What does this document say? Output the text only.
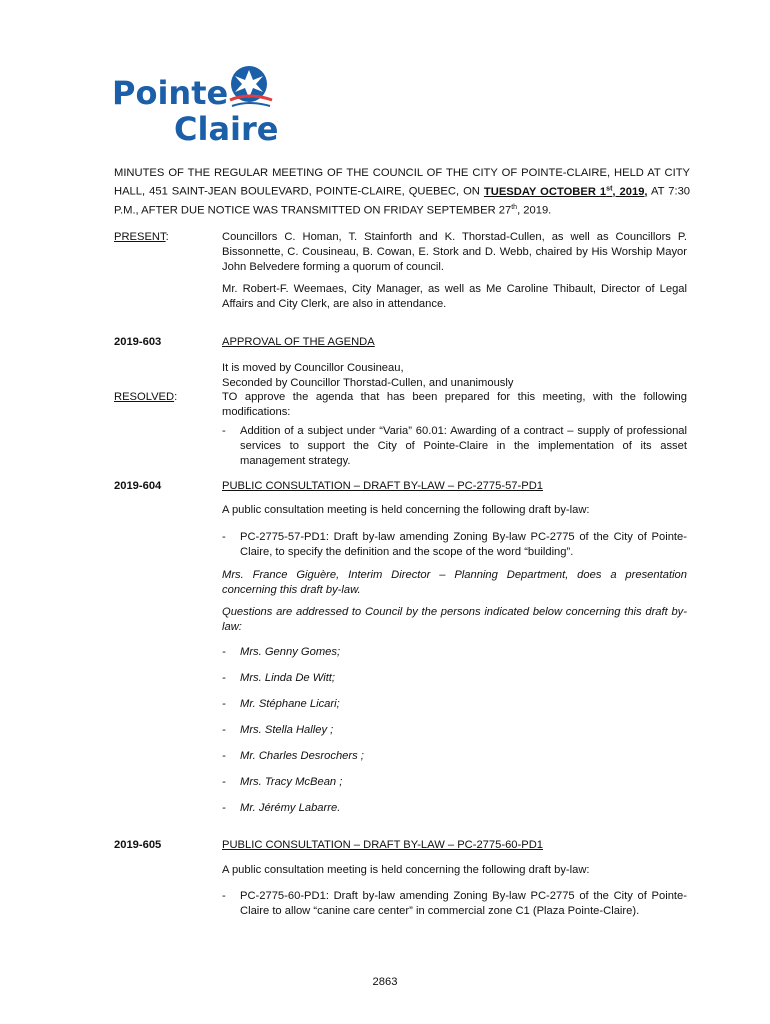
Pointe
Claire
MINUTES OF THE REGULAR MEETING OF THE COUNCIL OF THE CITY OF POINTE-CLAIRE, HELD AT CITY HALL, 451 SAINT-JEAN BOULEVARD, POINTE-CLAIRE, QUEBEC, ON TUESDAY OCTOBER 1st, 2019, AT 7:30 P.M., AFTER DUE NOTICE WAS TRANSMITTED ON FRIDAY SEPTEMBER 27th, 2019.
PRESENT:	Councillors C. Homan, T. Stainforth and K. Thorstad-Cullen, as well as Councillors P. Bissonnette, C. Cousineau, B. Cowan, E. Stork and D. Webb, chaired by His Worship Mayor John Belvedere forming a quorum of council.
Mr. Robert-F. Weemaes, City Manager, as well as Me Caroline Thibault, Director of Legal Affairs and City Clerk, are also in attendance.
2019-603	APPROVAL OF THE AGENDA
It is moved by Councillor Cousineau,
Seconded by Councillor Thorstad-Cullen, and unanimously
RESOLVED:	TO approve the agenda that has been prepared for this meeting, with the following modifications:
- Addition of a subject under “Varia” 60.01: Awarding of a contract – supply of professional services to support the City of Pointe-Claire in the implementation of its asset management strategy.
2019-604	PUBLIC CONSULTATION – DRAFT BY-LAW – PC-2775-57-PD1
A public consultation meeting is held concerning the following draft by-law:
- PC-2775-57-PD1: Draft by-law amending Zoning By-law PC-2775 of the City of Pointe-Claire, to specify the definition and the scope of the word “building”.
Mrs. France Giguère, Interim Director – Planning Department, does a presentation concerning this draft by-law.
Questions are addressed to Council by the persons indicated below concerning this draft by-law:
- Mrs. Genny Gomes;
- Mrs. Linda De Witt;
- Mr. Stéphane Licari;
- Mrs. Stella Halley ;
- Mr. Charles Desrochers ;
- Mrs. Tracy McBean ;
- Mr. Jérémy Labarre.
2019-605	PUBLIC CONSULTATION – DRAFT BY-LAW – PC-2775-60-PD1
A public consultation meeting is held concerning the following draft by-law:
- PC-2775-60-PD1: Draft by-law amending Zoning By-law PC-2775 of the City of Pointe-Claire to allow “canine care center” in commercial zone C1 (Plaza Pointe-Claire).
2863
